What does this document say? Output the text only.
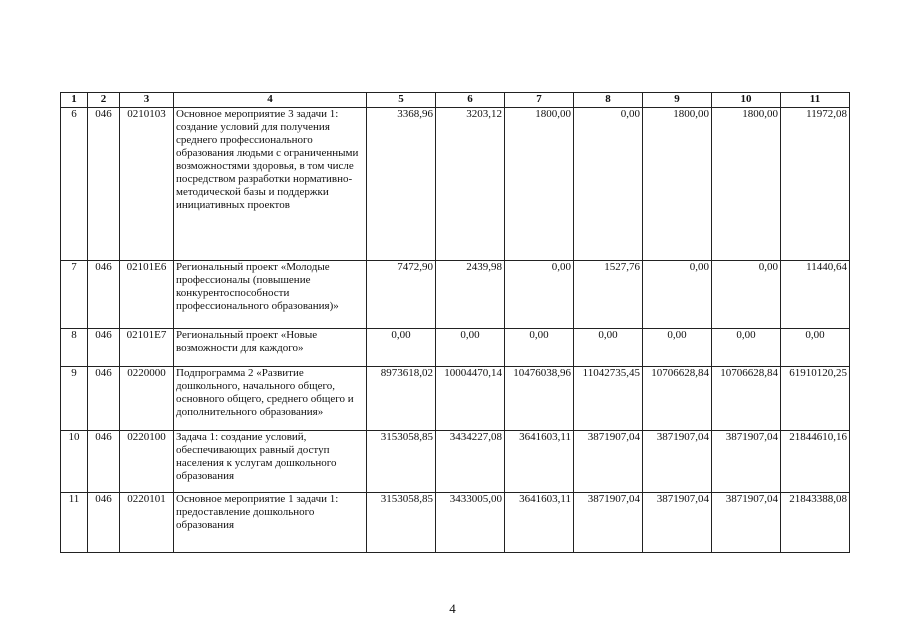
1	2	3	4	5	6	7	8	9	10	11
6	046	0210103	Основное мероприятие 3 задачи 1: создание условий для получения среднего профессионального образования людьми с ограниченными возможностями здоровья, в том числе посредством разработки нормативно-методической базы и поддержки инициативных проектов	3368,96	3203,12	1800,00	0,00	1800,00	1800,00	11972,08
7	046	02101E6	Региональный проект «Молодые профессионалы (повышение конкурентоспособности профессионального образования)»	7472,90	2439,98	0,00	1527,76	0,00	0,00	11440,64
8	046	02101E7	Региональный проект «Новые возможности для каждого»	0,00	0,00	0,00	0,00	0,00	0,00	0,00
9	046	0220000	Подпрограмма 2 «Развитие дошкольного, начального общего, основного общего, среднего общего и дополнительного образования»	8973618,02	10004470,14	10476038,96	11042735,45	10706628,84	10706628,84	61910120,25
10	046	0220100	Задача 1: создание условий, обеспечивающих равный доступ населения к услугам дошкольного образования	3153058,85	3434227,08	3641603,11	3871907,04	3871907,04	3871907,04	21844610,16
11	046	0220101	Основное мероприятие 1 задачи 1: предоставление дошкольного образования	3153058,85	3433005,00	3641603,11	3871907,04	3871907,04	3871907,04	21843388,08
4
